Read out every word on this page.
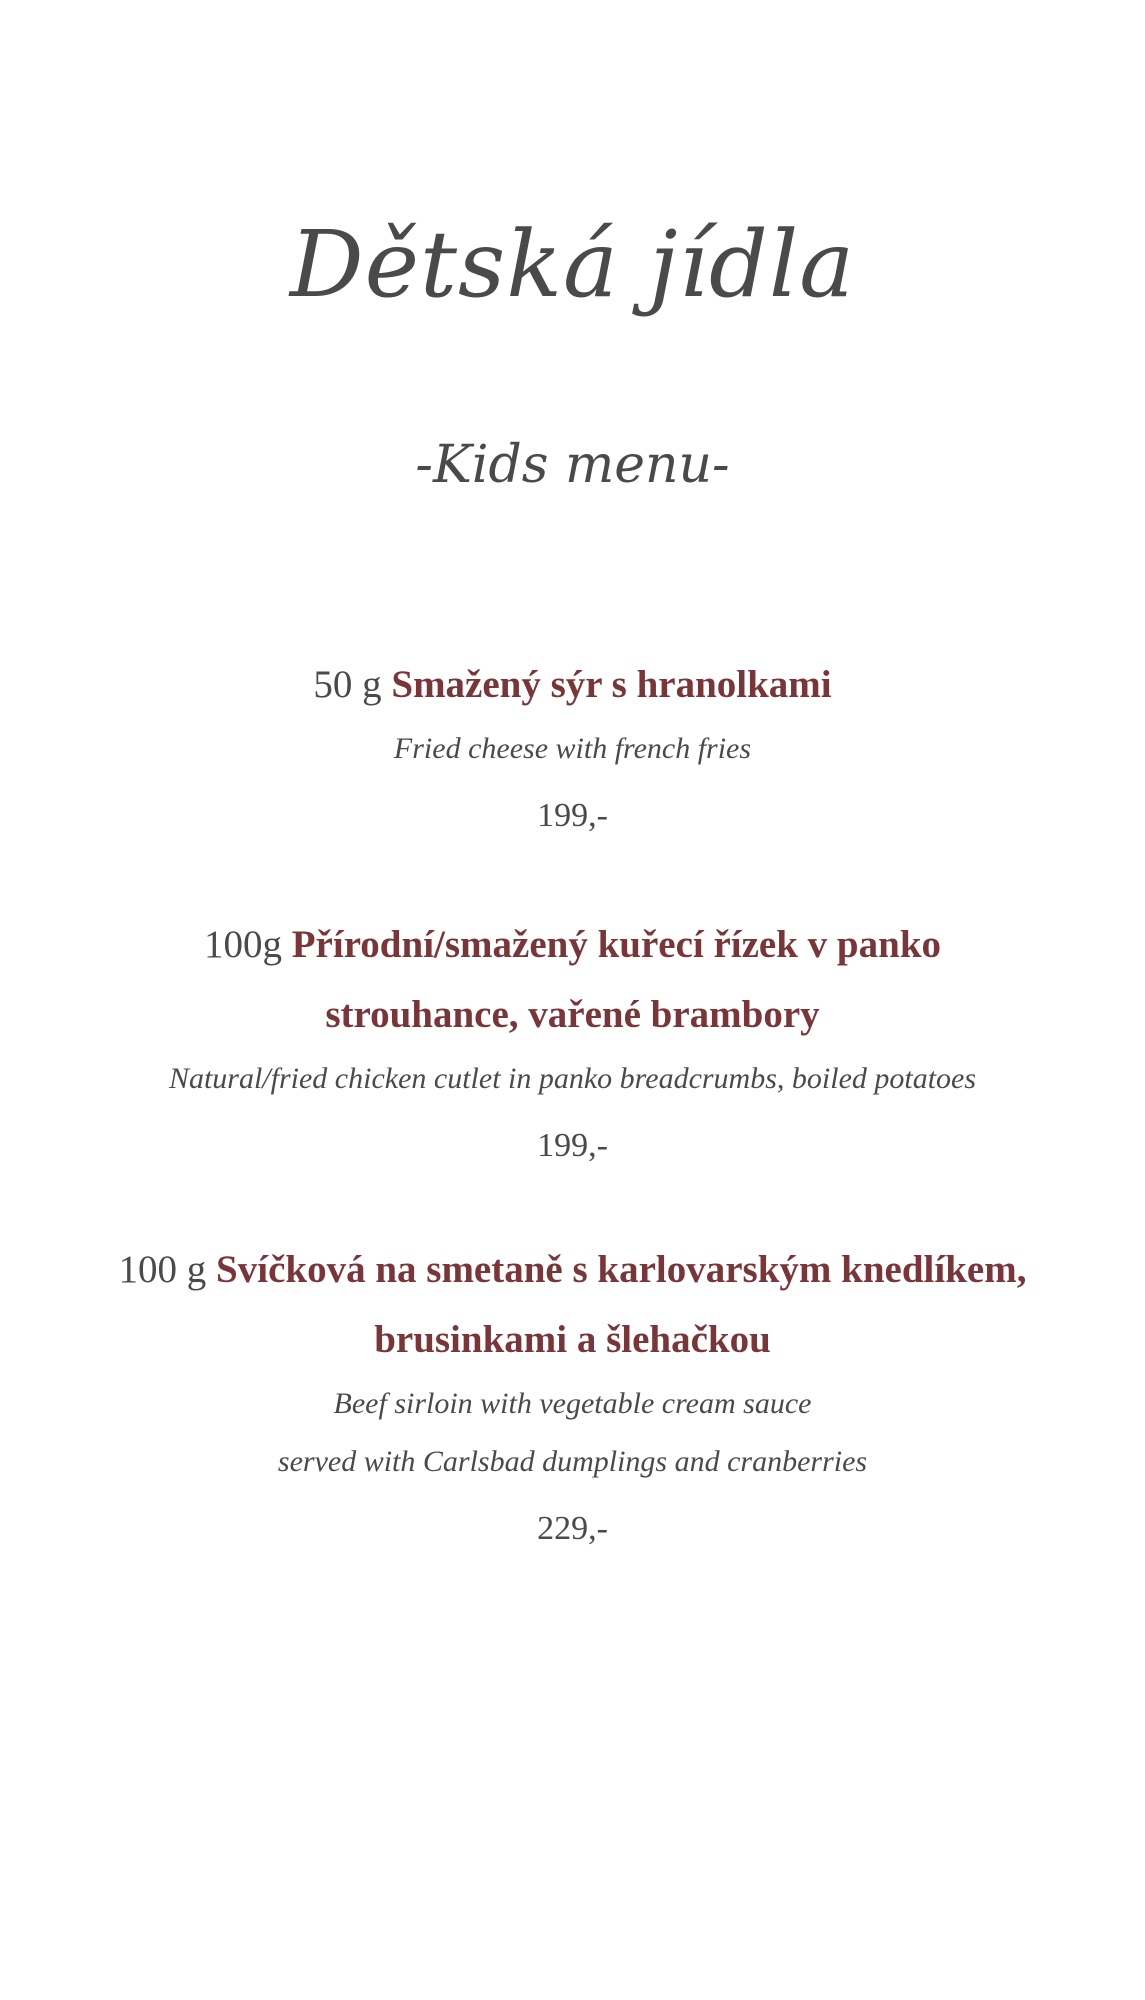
Dětská jídla
-Kids menu-
50 g Smažený sýr s hranolkami
Fried cheese with french fries
199,-
100g Přírodní/smažený kuřecí řízek v panko
strouhance, vařené brambory
Natural/fried chicken cutlet in panko breadcrumbs, boiled potatoes
199,-
100 g Svíčková na smetaně s karlovarským knedlíkem,
brusinkami a šlehačkou
Beef sirloin with vegetable cream sauce
served with Carlsbad dumplings and cranberries
229,-
